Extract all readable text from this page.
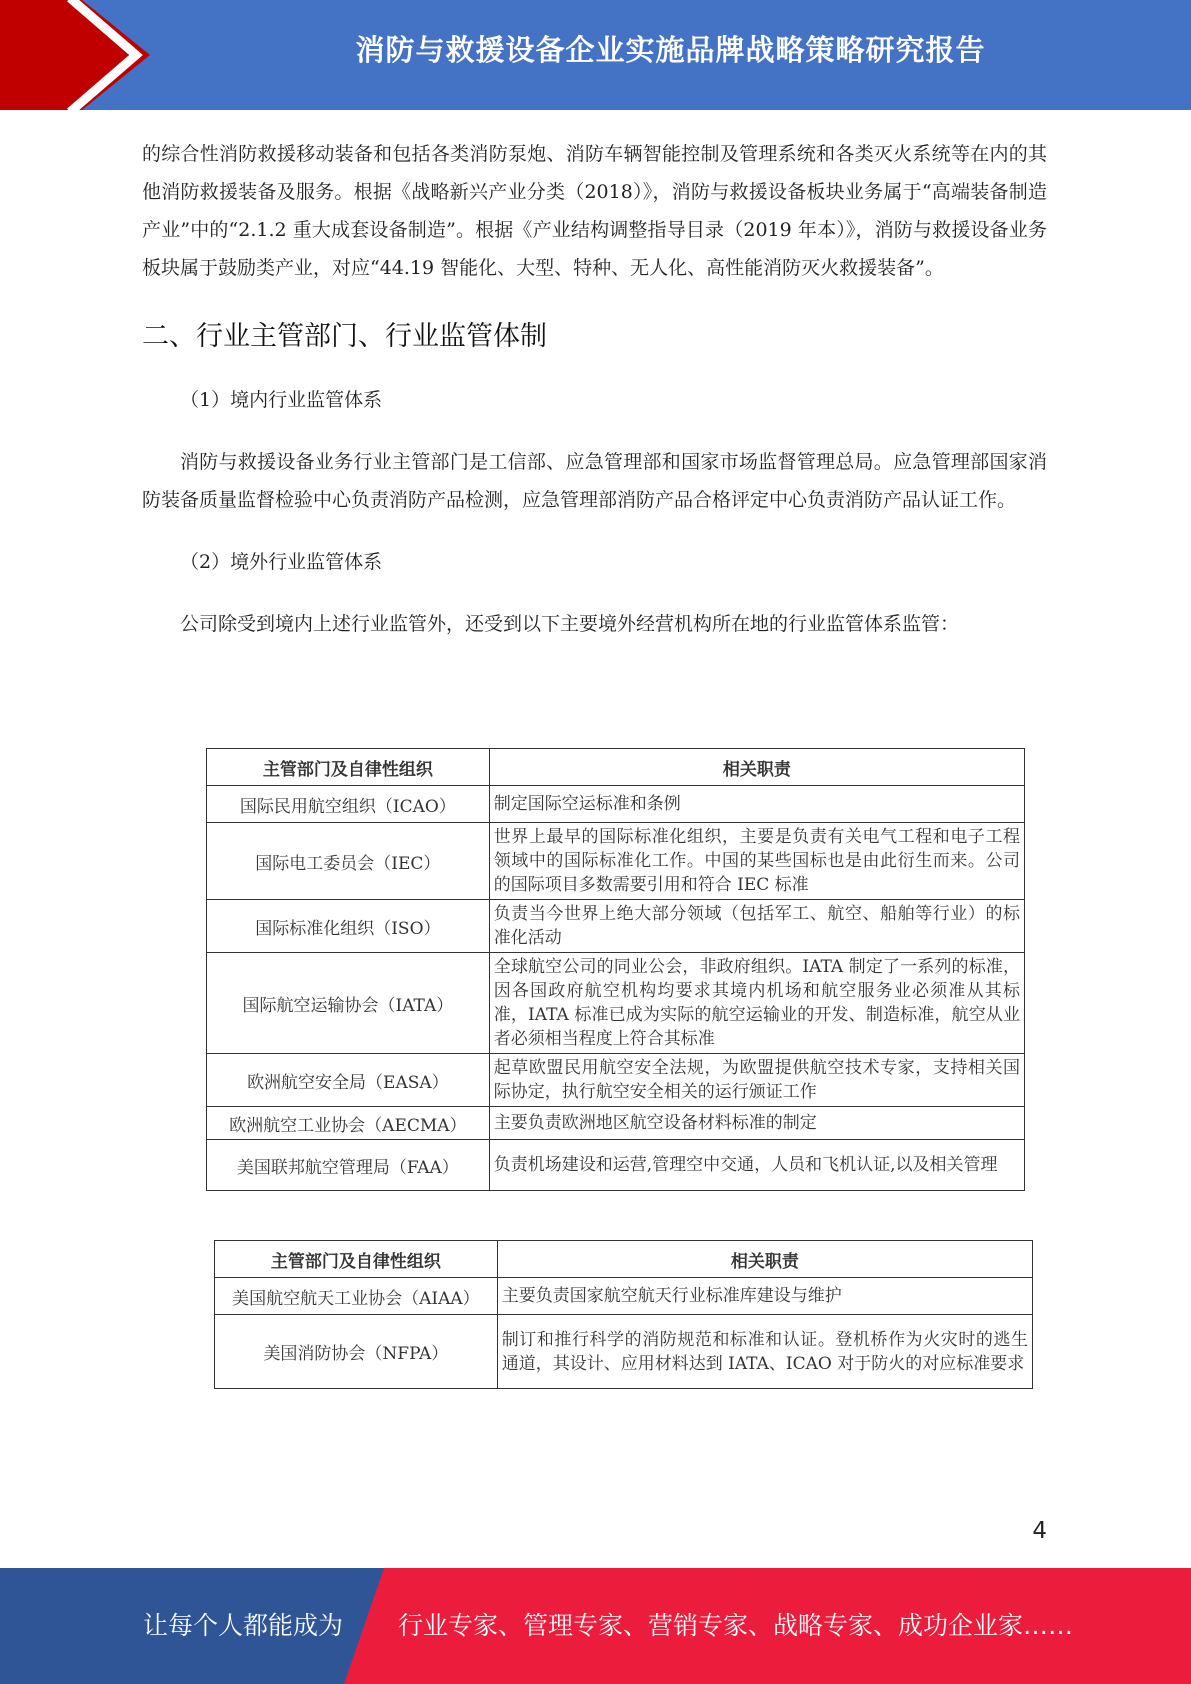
消防与救援设备企业实施品牌战略策略研究报告

的综合性消防救援移动装备和包括各类消防泵炮、消防车辆智能控制及管理系统和各类灭火系统等在内的其他消防救援装备及服务。根据《战略新兴产业分类（2018）》，消防与救援设备板块业务属于“高端装备制造产业”中的“2.1.2 重大成套设备制造”。根据《产业结构调整指导目录（2019 年本）》，消防与救援设备业务板块属于鼓励类产业，对应“44.19 智能化、大型、特种、无人化、高性能消防灭火救援装备”。

二、行业主管部门、行业监管体制

（1）境内行业监管体系

消防与救援设备业务行业主管部门是工信部、应急管理部和国家市场监督管理总局。应急管理部国家消防装备质量监督检验中心负责消防产品检测，应急管理部消防产品合格评定中心负责消防产品认证工作。

（2）境外行业监管体系

公司除受到境内上述行业监管外，还受到以下主要境外经营机构所在地的行业监管体系监管：

主管部门及自律性组织	相关职责
国际民用航空组织（ICAO）	制定国际空运标准和条例
国际电工委员会（IEC）	世界上最早的国际标准化组织，主要是负责有关电气工程和电子工程领域中的国际标准化工作。中国的某些国标也是由此衍生而来。公司的国际项目多数需要引用和符合 IEC 标准
国际标准化组织（ISO）	负责当今世界上绝大部分领域（包括军工、航空、船舶等行业）的标准化活动
国际航空运输协会（IATA）	全球航空公司的同业公会，非政府组织。IATA 制定了一系列的标准，因各国政府航空机构均要求其境内机场和航空服务业必须准从其标准，IATA 标准已成为实际的航空运输业的开发、制造标准，航空从业者必须相当程度上符合其标准
欧洲航空安全局（EASA）	起草欧盟民用航空安全法规，为欧盟提供航空技术专家，支持相关国际协定，执行航空安全相关的运行颁证工作
欧洲航空工业协会（AECMA）	主要负责欧洲地区航空设备材料标准的制定
美国联邦航空管理局（FAA）	负责机场建设和运营,管理空中交通，人员和飞机认证,以及相关管理
主管部门及自律性组织	相关职责
美国航空航天工业协会（AIAA）	主要负责国家航空航天行业标准库建设与维护
美国消防协会（NFPA）	制订和推行科学的消防规范和标准和认证。登机桥作为火灾时的逃生通道，其设计、应用材料达到 IATA、ICAO 对于防火的对应标准要求
4
让每个人都能成为 行业专家、管理专家、营销专家、战略专家、成功企业家……
